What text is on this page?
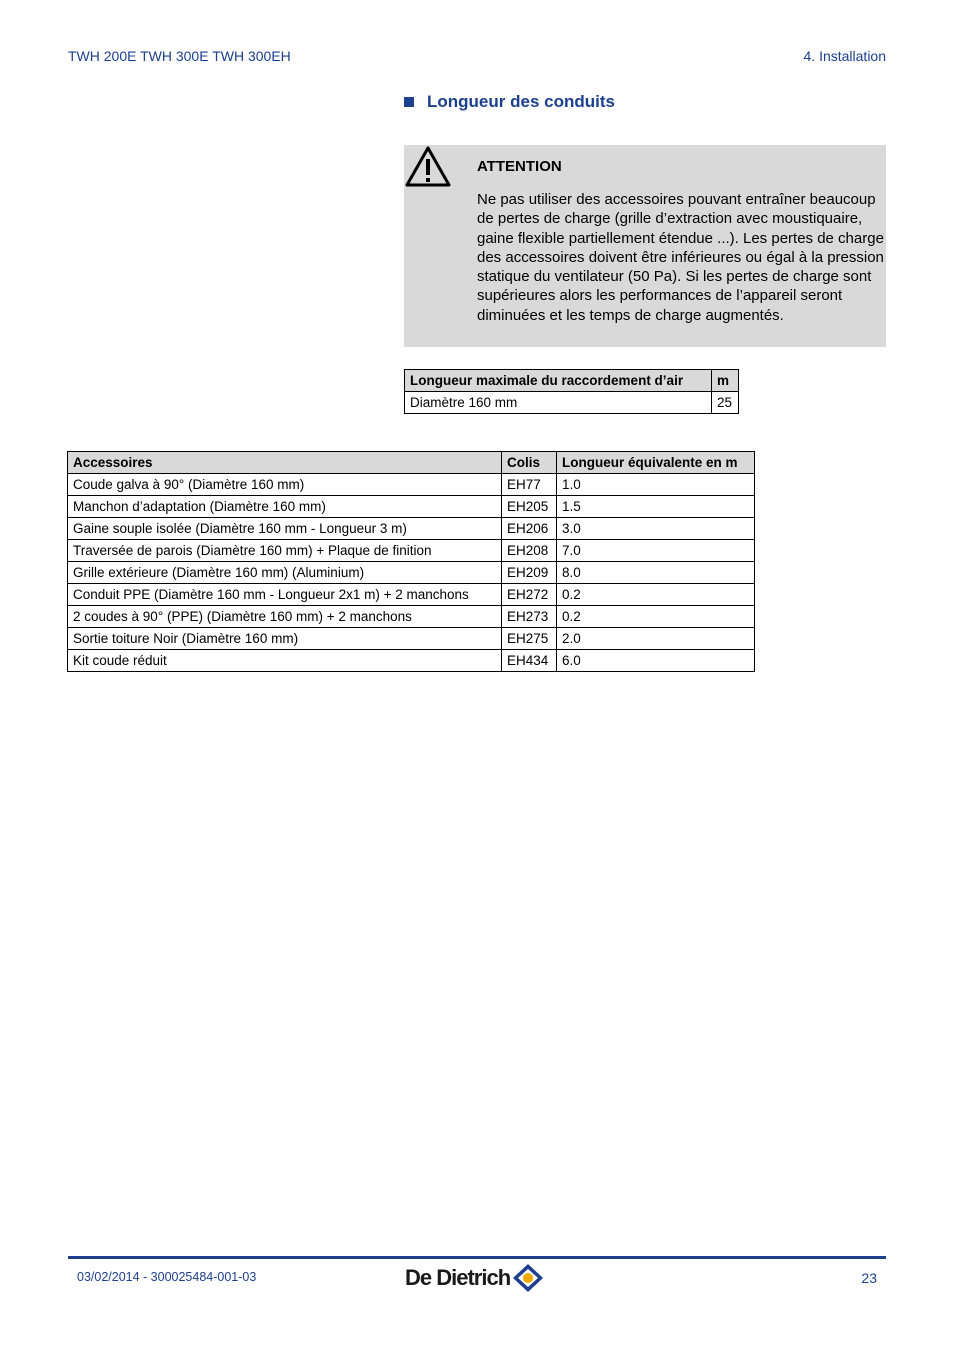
TWH 200E TWH 300E TWH 300EH	4. Installation
Longueur des conduits
ATTENTION
Ne pas utiliser des accessoires pouvant entraîner beaucoup de pertes de charge (grille d’extraction avec moustiquaire, gaine flexible partiellement étendue ...). Les pertes de charge des accessoires doivent être inférieures ou égal à la pression statique du ventilateur (50 Pa). Si les pertes de charge sont supérieures alors les performances de l’appareil seront diminuées et les temps de charge augmentés.
Longueur maximale du raccordement d’air	m
Diamètre 160 mm	25
Accessoires	Colis	Longueur équivalente en m
Coude galva à 90° (Diamètre 160 mm)	EH77	1.0
Manchon d’adaptation (Diamètre 160 mm)	EH205	1.5
Gaine souple isolée (Diamètre 160 mm - Longueur 3 m)	EH206	3.0
Traversée de parois (Diamètre 160 mm) + Plaque de finition	EH208	7.0
Grille extérieure (Diamètre 160 mm) (Aluminium)	EH209	8.0
Conduit PPE (Diamètre 160 mm - Longueur 2x1 m) + 2 manchons	EH272	0.2
2 coudes à 90° (PPE) (Diamètre 160 mm) + 2 manchons	EH273	0.2
Sortie toiture Noir (Diamètre 160 mm)	EH275	2.0
Kit coude réduit	EH434	6.0
03/02/2014 - 300025484-001-03	De Dietrich	23
